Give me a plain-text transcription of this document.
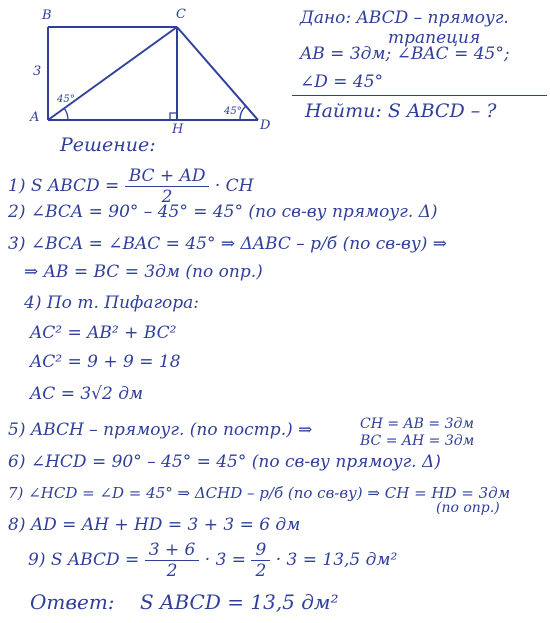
B	C
A
H	D
3
45°
45°
Дано: ABCD – прямоуг.
трапеция
AB = 3дм; ∠BAC = 45°;
∠D = 45°
Найти: S ABCD – ?
Решение:
1) S ABCD = $\frac{BC + AD}{2}$ · CH
2) ∠BCA = 90° – 45° = 45° (по св-ву прямоуг. Δ)
3) ∠BCA = ∠BAC = 45° ⇒ ΔABC – р/б (по св-ву) ⇒
⇒ AB = BC = 3дм (по опр.)
4) По т. Пифагора:
AC² = AB² + BC²
AC² = 9 + 9 = 18
AC = 3√2 дм
5) ABCH – прямоуг. (по постр.) ⇒	CH = AB = 3дм
BC = AH = 3дм
6) ∠HCD = 90° – 45° = 45° (по св-ву прямоуг. Δ)
7) ∠HCD = ∠D = 45° ⇒ ΔCHD – р/б (по св-ву) ⇒ CH = HD = 3дм
(по опр.)
8) AD = AH + HD = 3 + 3 = 6 дм
9) S ABCD = $\frac{3 + 6}{2} \cdot 3 = \frac{9}{2} \cdot 3 = 13,5$ дм²
Ответ: S ABCD = 13,5 дм²
